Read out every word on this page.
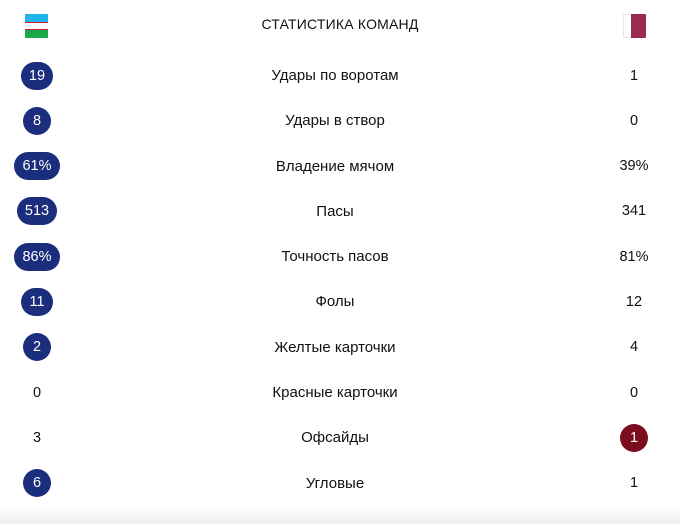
СТАТИСТИКА КОМАНД
19	Удары по воротам	1
8	Удары в створ	0
61%	Владение мячом	39%
513	Пасы	341
86%	Точность пасов	81%
11	Фолы	12
2	Желтые карточки	4
0	Красные карточки	0
3	Офсайды	1
6	Угловые	1
